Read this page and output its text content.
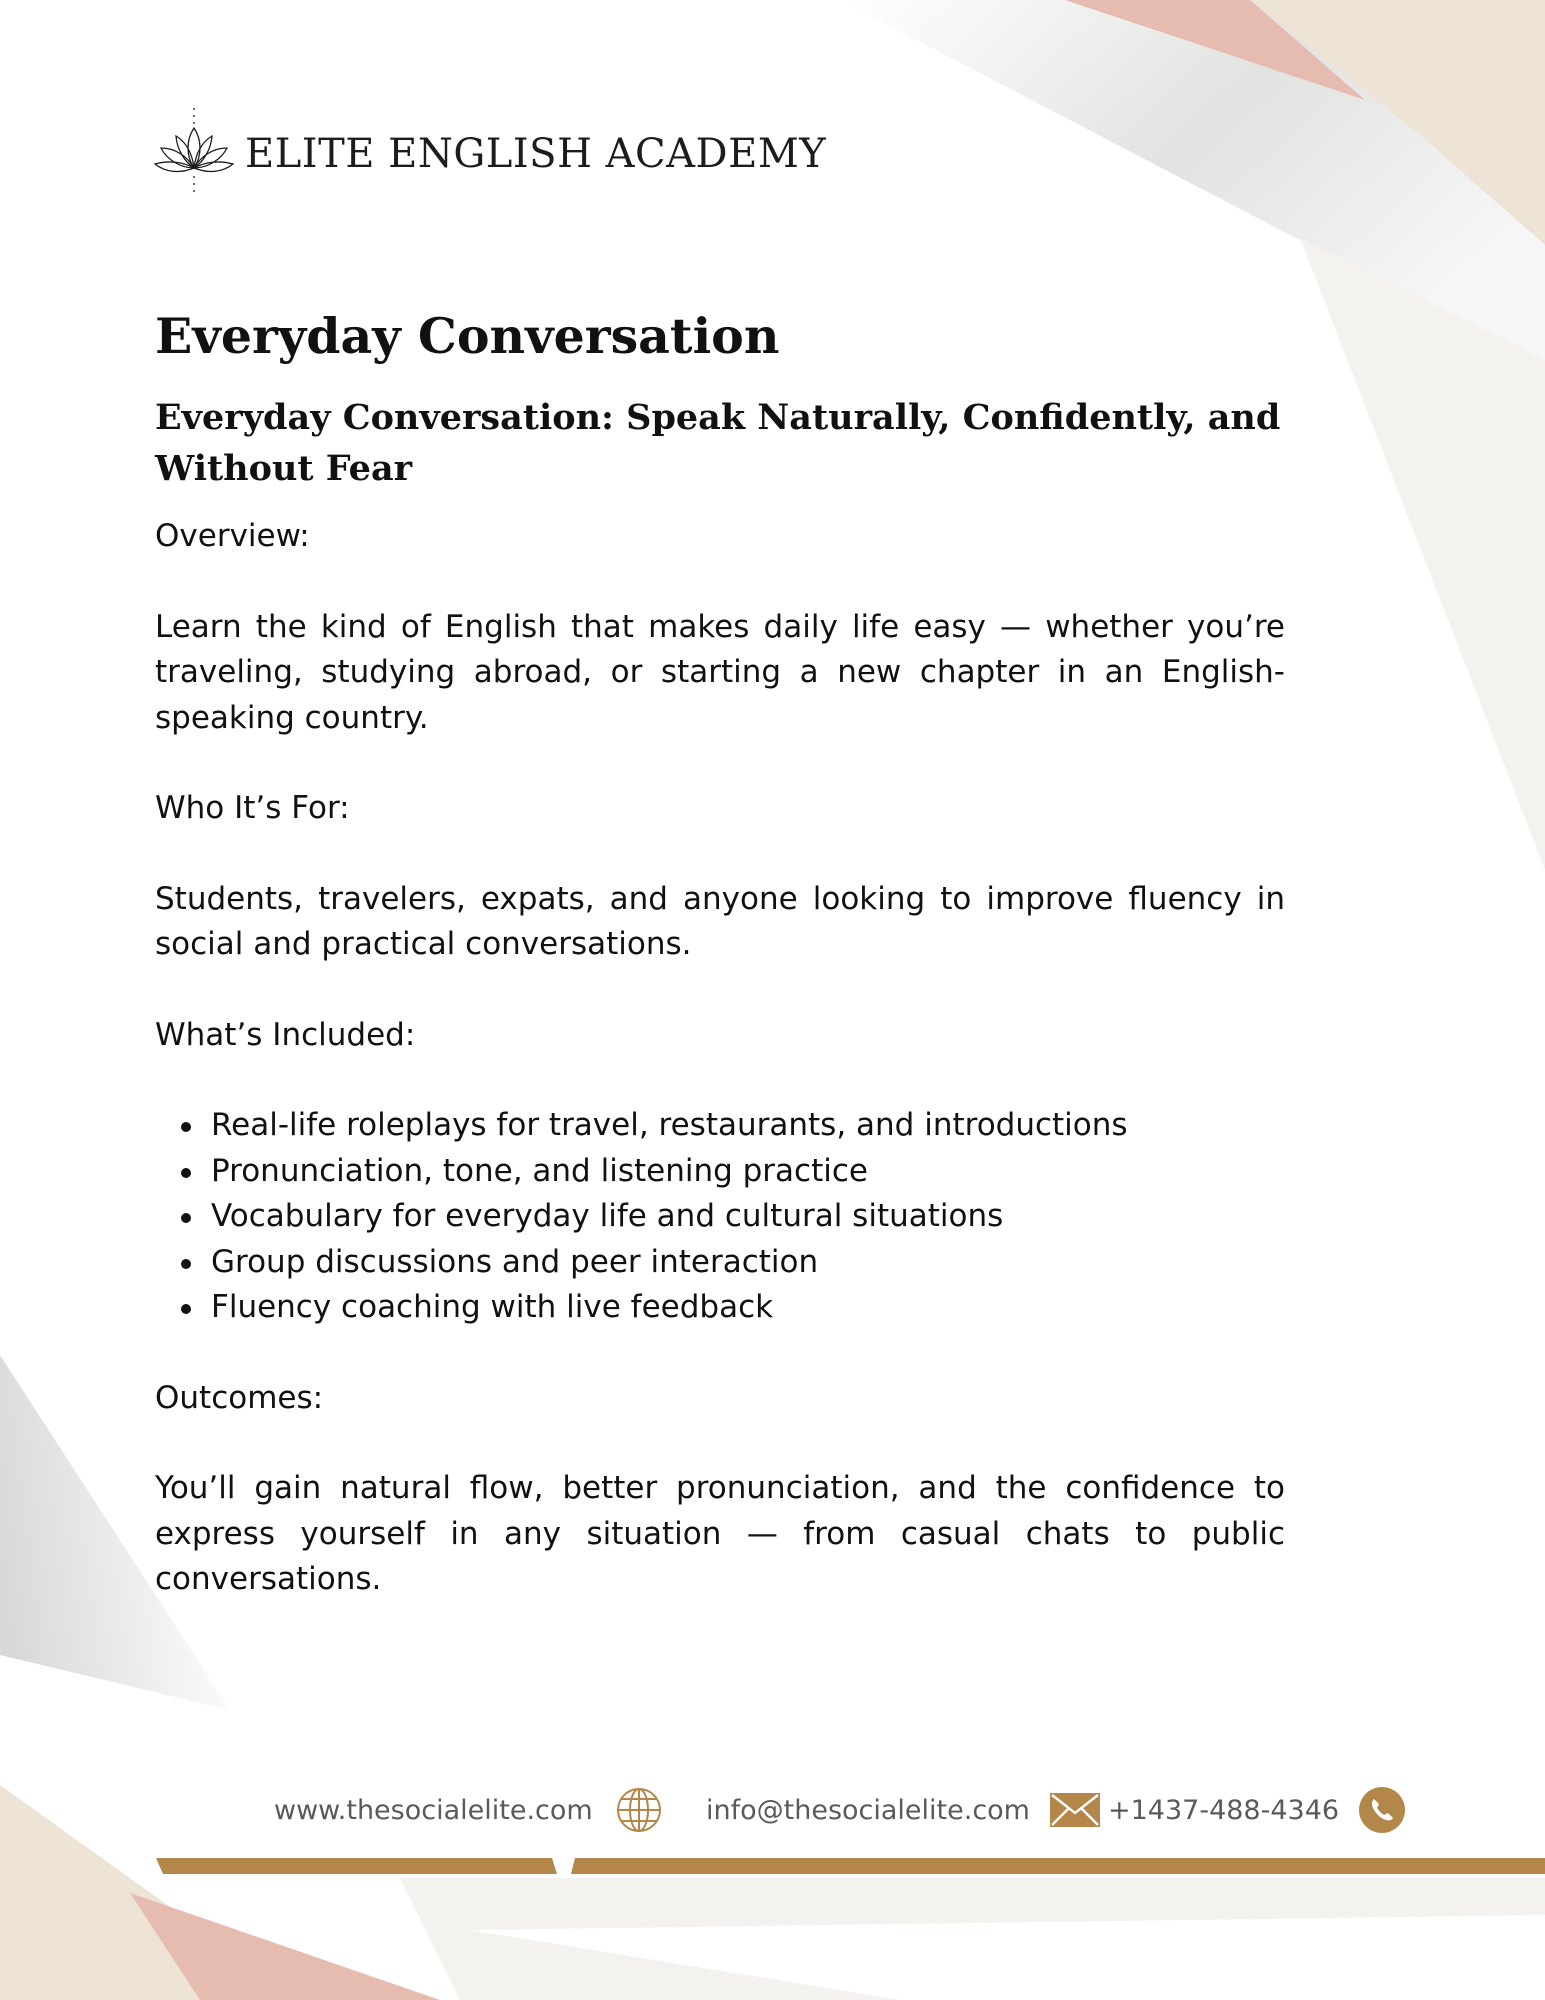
ELITE ENGLISH ACADEMY
Everyday Conversation
Everyday Conversation: Speak Naturally, Confidently, and Without Fear
Overview:

Learn the kind of English that makes daily life easy — whether you’re traveling, studying abroad, or starting a new chapter in an English-speaking country.

Who It’s For:

Students, travelers, expats, and anyone looking to improve fluency in social and practical conversations.

What’s Included:
Real-life roleplays for travel, restaurants, and introductions
Pronunciation, tone, and listening practice
Vocabulary for everyday life and cultural situations
Group discussions and peer interaction
Fluency coaching with live feedback
Outcomes:

You’ll gain natural flow, better pronunciation, and the confidence to express yourself in any situation — from casual chats to public conversations.

www.thesocialelite.com	info@thesocialelite.com	+1437-488-4346
